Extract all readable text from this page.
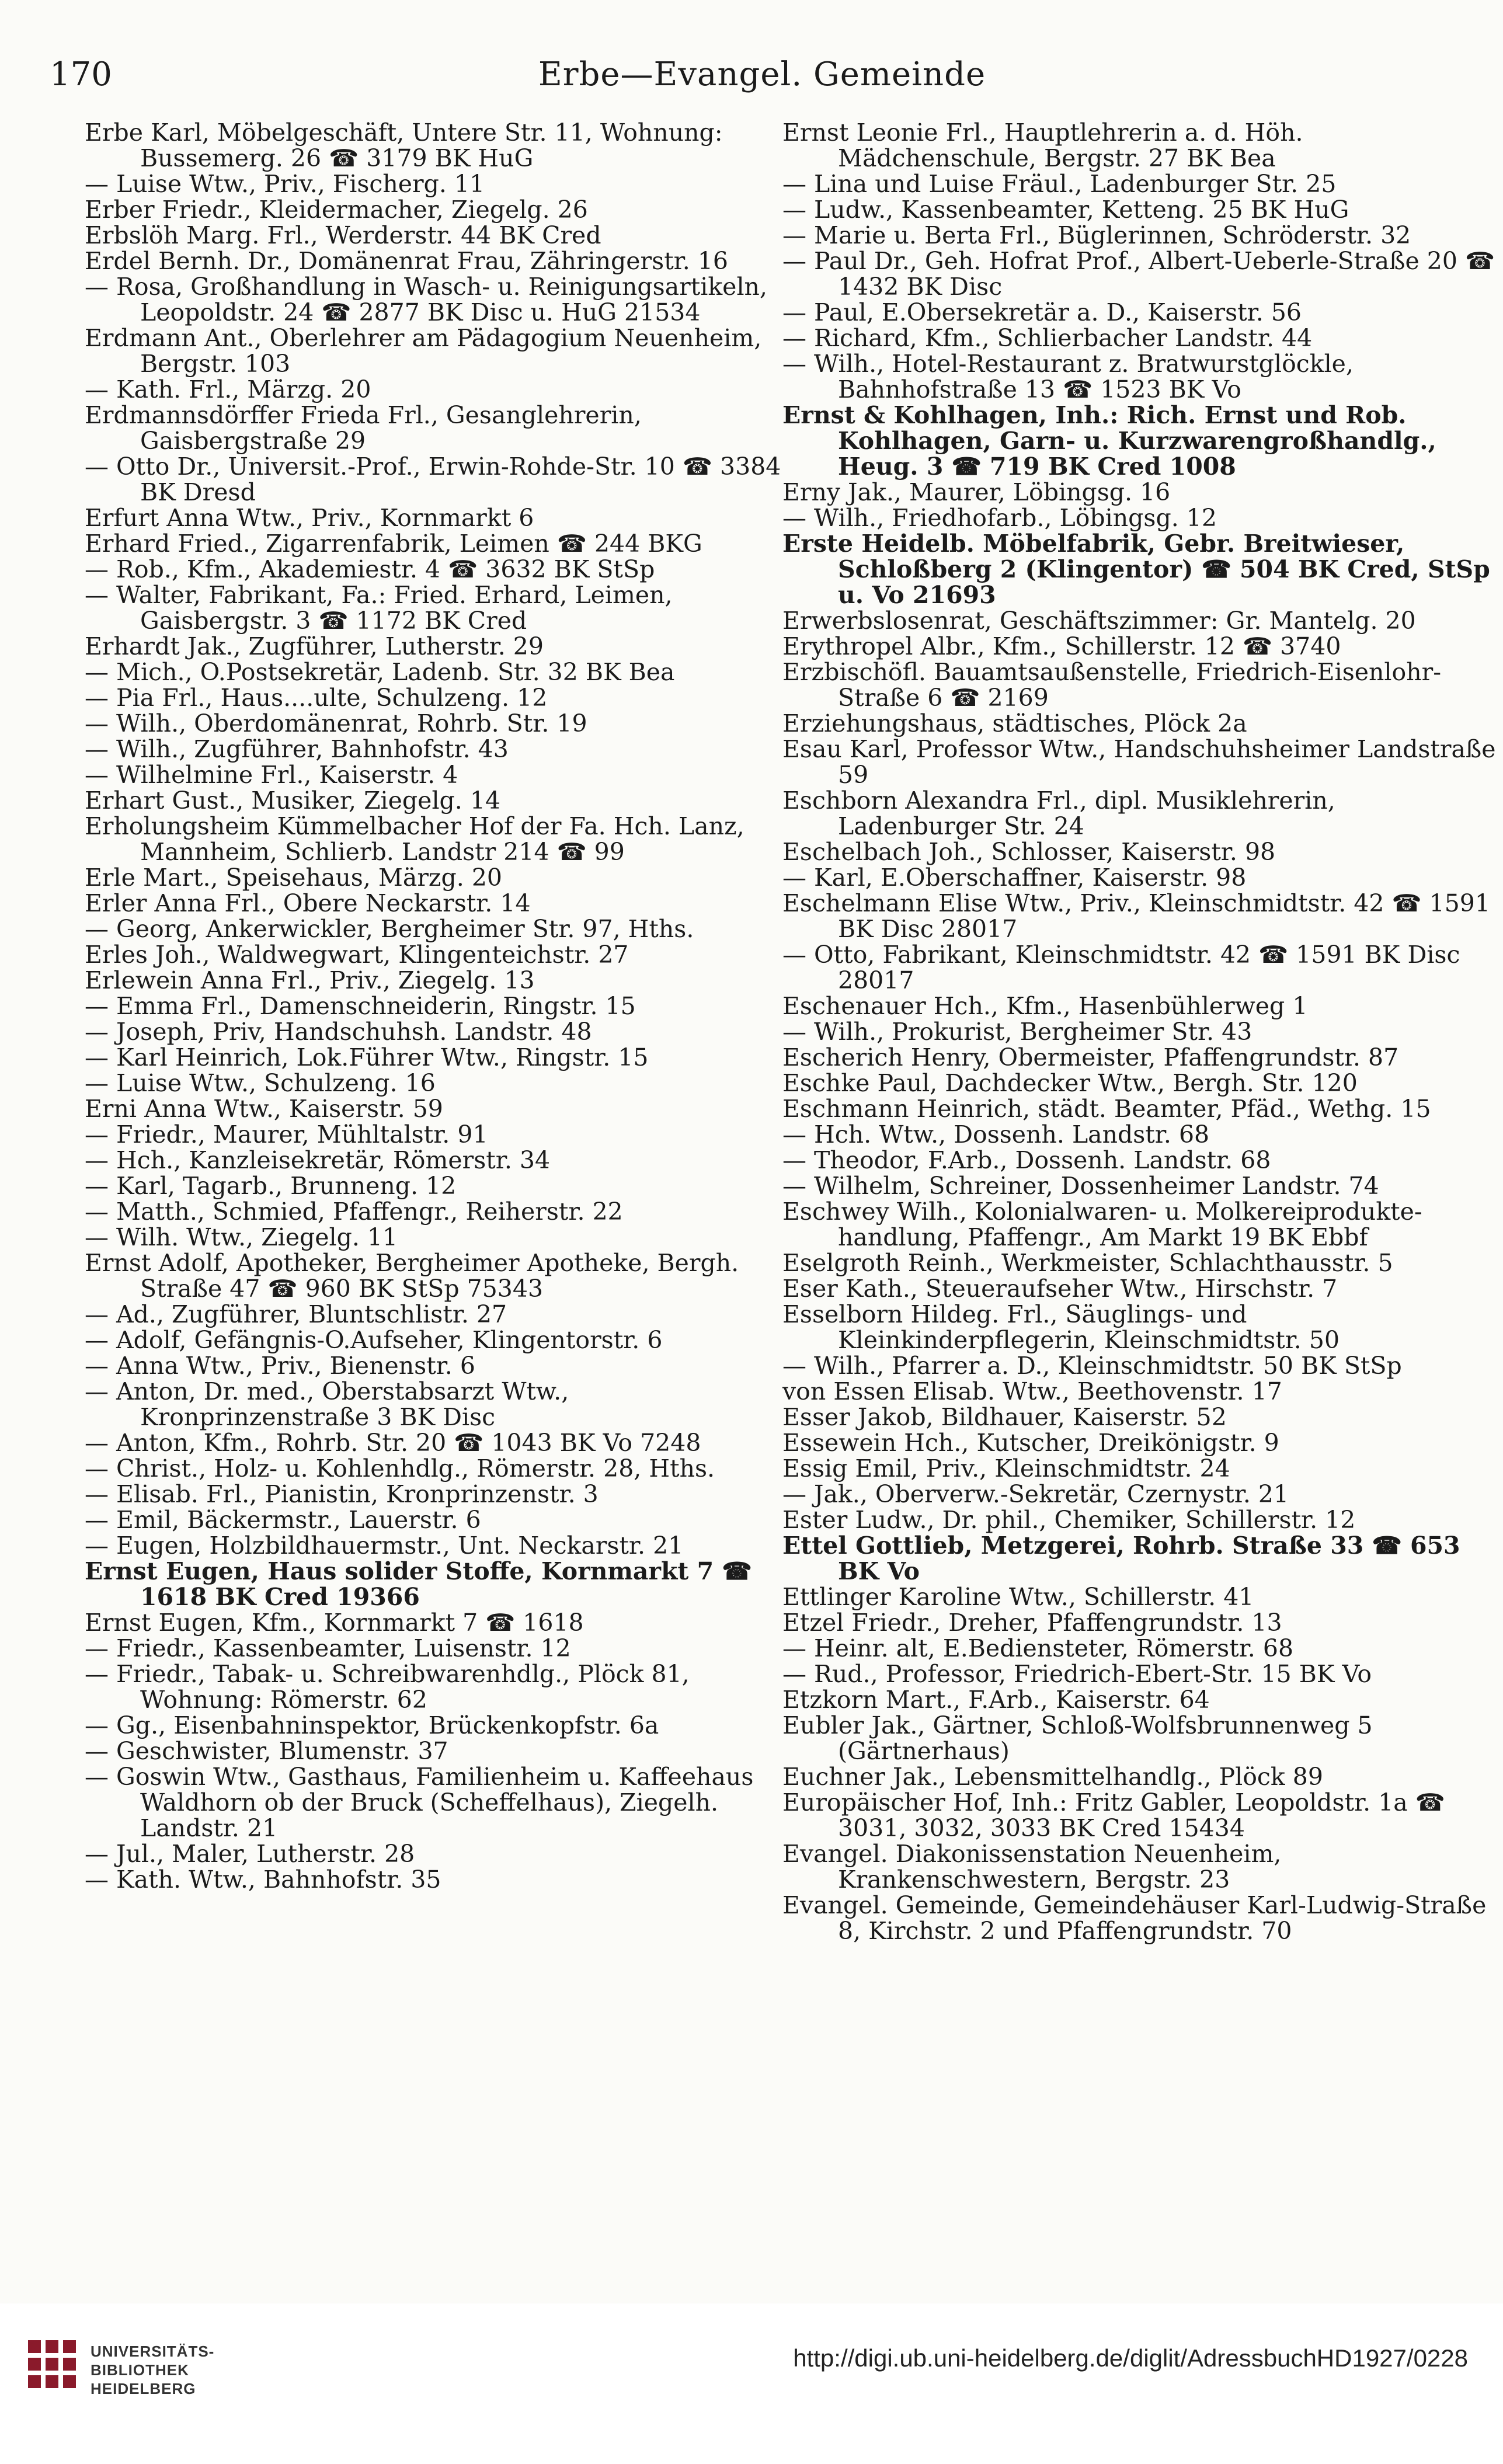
170	Erbe—Evangel. Gemeinde

Erbe Karl, Möbelgeschäft, Untere Str. 11, Wohnung: Bussemerg. 26 ☎ 3179 BK HuG

— Luise Wtw., Priv., Fischerg. 11

Erber Friedr., Kleidermacher, Ziegelg. 26

Erbslöh Marg. Frl., Werderstr. 44 BK Cred

Erdel Bernh. Dr., Domänenrat Frau, Zähringerstr. 16

— Rosa, Großhandlung in Wasch- u. Reinigungsartikeln, Leopoldstr. 24 ☎ 2877 BK Disc u. HuG 21534

Erdmann Ant., Oberlehrer am Pädagogium Neuenheim, Bergstr. 103

— Kath. Frl., Märzg. 20

Erdmannsdörffer Frieda Frl., Gesanglehrerin, Gaisbergstraße 29

— Otto Dr., Universit.-Prof., Erwin-Rohde-Str. 10 ☎ 3384 BK Dresd

Erfurt Anna Wtw., Priv., Kornmarkt 6

Erhard Fried., Zigarrenfabrik, Leimen ☎ 244 BKG

— Rob., Kfm., Akademiestr. 4 ☎ 3632 BK StSp

— Walter, Fabrikant, Fa.: Fried. Erhard, Leimen, Gaisbergstr. 3 ☎ 1172 BK Cred

Erhardt Jak., Zugführer, Lutherstr. 29

— Mich., O.Postsekretär, Ladenb. Str. 32 BK Bea

— Pia Frl., Haus....ulte, Schulzeng. 12

— Wilh., Oberdomänenrat, Rohrb. Str. 19

— Wilh., Zugführer, Bahnhofstr. 43

— Wilhelmine Frl., Kaiserstr. 4

Erhart Gust., Musiker, Ziegelg. 14

Erholungsheim Kümmelbacher Hof der Fa. Hch. Lanz, Mannheim, Schlierb. Landstr 214 ☎ 99

Erle Mart., Speisehaus, Märzg. 20

Erler Anna Frl., Obere Neckarstr. 14

— Georg, Ankerwickler, Bergheimer Str. 97, Hths.

Erles Joh., Waldwegwart, Klingenteichstr. 27

Erlewein Anna Frl., Priv., Ziegelg. 13

— Emma Frl., Damenschneiderin, Ringstr. 15

— Joseph, Priv, Handschuhsh. Landstr. 48

— Karl Heinrich, Lok.Führer Wtw., Ringstr. 15

— Luise Wtw., Schulzeng. 16

Erni Anna Wtw., Kaiserstr. 59

— Friedr., Maurer, Mühltalstr. 91

— Hch., Kanzleisekretär, Römerstr. 34

— Karl, Tagarb., Brunneng. 12

— Matth., Schmied, Pfaffengr., Reiherstr. 22

— Wilh. Wtw., Ziegelg. 11

Ernst Adolf, Apotheker, Bergheimer Apotheke, Bergh. Straße 47 ☎ 960 BK StSp 75343

— Ad., Zugführer, Bluntschlistr. 27

— Adolf, Gefängnis-O.Aufseher, Klingentorstr. 6

— Anna Wtw., Priv., Bienenstr. 6

— Anton, Dr. med., Oberstabsarzt Wtw., Kronprinzenstraße 3 BK Disc

— Anton, Kfm., Rohrb. Str. 20 ☎ 1043 BK Vo 7248

— Christ., Holz- u. Kohlenhdlg., Römerstr. 28, Hths.

— Elisab. Frl., Pianistin, Kronprinzenstr. 3

— Emil, Bäckermstr., Lauerstr. 6

— Eugen, Holzbildhauermstr., Unt. Neckarstr. 21

Ernst Eugen, Haus solider Stoffe, Kornmarkt 7 ☎ 1618 BK Cred 19366

Ernst Eugen, Kfm., Kornmarkt 7 ☎ 1618

— Friedr., Kassenbeamter, Luisenstr. 12

— Friedr., Tabak- u. Schreibwarenhdlg., Plöck 81, Wohnung: Römerstr. 62

— Gg., Eisenbahninspektor, Brückenkopfstr. 6a

— Geschwister, Blumenstr. 37

— Goswin Wtw., Gasthaus, Familienheim u. Kaffeehaus Waldhorn ob der Bruck (Scheffelhaus), Ziegelh. Landstr. 21

— Jul., Maler, Lutherstr. 28

— Kath. Wtw., Bahnhofstr. 35

Ernst Leonie Frl., Hauptlehrerin a. d. Höh. Mädchenschule, Bergstr. 27 BK Bea

— Lina und Luise Fräul., Ladenburger Str. 25

— Ludw., Kassenbeamter, Ketteng. 25 BK HuG

— Marie u. Berta Frl., Büglerinnen, Schröderstr. 32

— Paul Dr., Geh. Hofrat Prof., Albert-Ueberle-Straße 20 ☎ 1432 BK Disc

— Paul, E.Obersekretär a. D., Kaiserstr. 56

— Richard, Kfm., Schlierbacher Landstr. 44

— Wilh., Hotel-Restaurant z. Bratwurstglöckle, Bahnhofstraße 13 ☎ 1523 BK Vo

Ernst & Kohlhagen, Inh.: Rich. Ernst und Rob. Kohlhagen, Garn- u. Kurzwarengroßhandlg., Heug. 3 ☎ 719 BK Cred 1008

Erny Jak., Maurer, Löbingsg. 16

— Wilh., Friedhofarb., Löbingsg. 12

Erste Heidelb. Möbelfabrik, Gebr. Breitwieser, Schloßberg 2 (Klingentor) ☎ 504 BK Cred, StSp u. Vo 21693

Erwerbslosenrat, Geschäftszimmer: Gr. Mantelg. 20

Erythropel Albr., Kfm., Schillerstr. 12 ☎ 3740

Erzbischöfl. Bauamtsaußenstelle, Friedrich-Eisenlohr-Straße 6 ☎ 2169

Erziehungshaus, städtisches, Plöck 2a

Esau Karl, Professor Wtw., Handschuhsheimer Landstraße 59

Eschborn Alexandra Frl., dipl. Musiklehrerin, Ladenburger Str. 24

Eschelbach Joh., Schlosser, Kaiserstr. 98

— Karl, E.Oberschaffner, Kaiserstr. 98

Eschelmann Elise Wtw., Priv., Kleinschmidtstr. 42 ☎ 1591 BK Disc 28017

— Otto, Fabrikant, Kleinschmidtstr. 42 ☎ 1591 BK Disc 28017

Eschenauer Hch., Kfm., Hasenbühlerweg 1

— Wilh., Prokurist, Bergheimer Str. 43

Escherich Henry, Obermeister, Pfaffengrundstr. 87

Eschke Paul, Dachdecker Wtw., Bergh. Str. 120

Eschmann Heinrich, städt. Beamter, Pfäd., Wethg. 15

— Hch. Wtw., Dossenh. Landstr. 68

— Theodor, F.Arb., Dossenh. Landstr. 68

— Wilhelm, Schreiner, Dossenheimer Landstr. 74

Eschwey Wilh., Kolonialwaren- u. Molkereiprodukte-handlung, Pfaffengr., Am Markt 19 BK Ebbf

Eselgroth Reinh., Werkmeister, Schlachthausstr. 5

Eser Kath., Steueraufseher Wtw., Hirschstr. 7

Esselborn Hildeg. Frl., Säuglings- und Kleinkinderpflegerin, Kleinschmidtstr. 50

— Wilh., Pfarrer a. D., Kleinschmidtstr. 50 BK StSp

von Essen Elisab. Wtw., Beethovenstr. 17

Esser Jakob, Bildhauer, Kaiserstr. 52

Essewein Hch., Kutscher, Dreikönigstr. 9

Essig Emil, Priv., Kleinschmidtstr. 24

— Jak., Oberverw.-Sekretär, Czernystr. 21

Ester Ludw., Dr. phil., Chemiker, Schillerstr. 12

Ettel Gottlieb, Metzgerei, Rohrb. Straße 33 ☎ 653 BK Vo

Ettlinger Karoline Wtw., Schillerstr. 41

Etzel Friedr., Dreher, Pfaffengrundstr. 13

— Heinr. alt, E.Bediensteter, Römerstr. 68

— Rud., Professor, Friedrich-Ebert-Str. 15 BK Vo

Etzkorn Mart., F.Arb., Kaiserstr. 64

Eubler Jak., Gärtner, Schloß-Wolfsbrunnenweg 5 (Gärtnerhaus)

Euchner Jak., Lebensmittelhandlg., Plöck 89

Europäischer Hof, Inh.: Fritz Gabler, Leopoldstr. 1a ☎ 3031, 3032, 3033 BK Cred 15434

Evangel. Diakonissenstation Neuenheim, Krankenschwestern, Bergstr. 23

Evangel. Gemeinde, Gemeindehäuser Karl-Ludwig-Straße 8, Kirchstr. 2 und Pfaffengrundstr. 70

UNIVERSITÄTS-
BIBLIOTHEK
HEIDELBERG
http://digi.ub.uni-heidelberg.de/diglit/AdressbuchHD1927/0228
